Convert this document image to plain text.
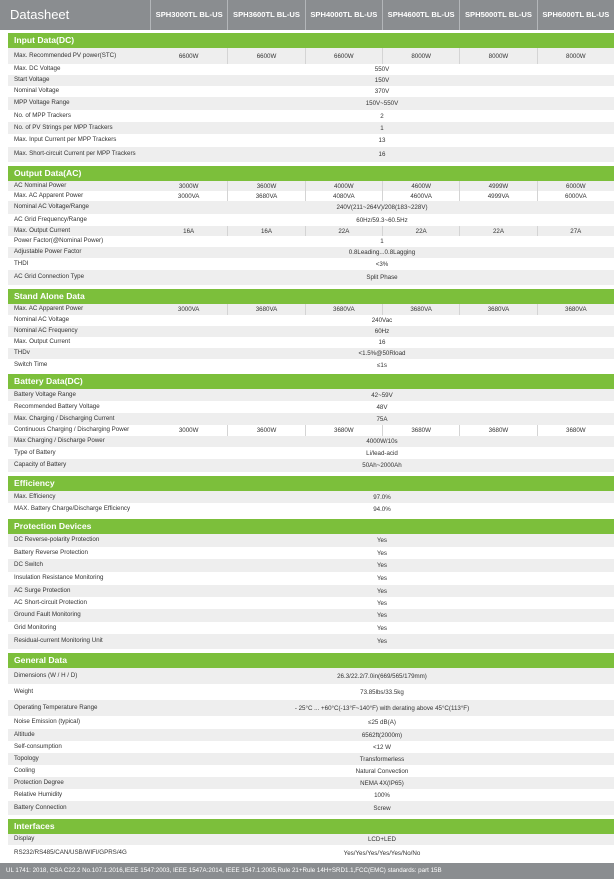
Datasheet	SPH3000TL BL-US	SPH3600TL BL-US	SPH4000TL BL-US	SPH4600TL BL-US	SPH5000TL BL-US	SPH6000TL BL-US
Input Data(DC)
Max. Recommended PV power(STC)	6600W	6600W	6600W	8000W	8000W	8000W
Max. DC Voltage	550V
Start Voltage	150V
Nominal Voltage	370V
MPP Voltage Range	150V~550V
No. of MPP Trackers	2
No. of PV Strings per MPP Trackers	1
Max. Input Current per MPP Trackers	13
Max. Short-circuit Current per MPP Trackers	16
Output Data(AC)
AC Nominal Power	3000W	3600W	4000W	4600W	4999W	6000W
Max. AC Apparent Power	3000VA	3680VA	4080VA	4600VA	4999VA	6000VA
Nominal AC Voltage/Range	240V(211~264V)/208(183~228V)
AC Grid Frequency/Range	60Hz/59.3~60.5Hz
Max. Output Current	16A	16A	22A	22A	22A	27A
Power Factor(@Nominal Power)	1
Adjustable Power Factor	0.8Leading...0.8Lagging
THDI	<3%
AC Grid Connection Type	Split Phase
Stand Alone Data
Max. AC Apparent Power	3000VA	3680VA	3680VA	3680VA	3680VA	3680VA
Nominal AC Voltage	240Vac
Nominal AC Frequency	60Hz
Max. Output Current	16
THDv	<1.5%@50Rload
Switch Time	≤1s
Battery Data(DC)
Battery Voltage Range	42~59V
Recommended Battery Voltage	48V
Max. Charging / Discharging Current	75A
Continuous Charging / Discharging Power	3000W	3600W	3680W	3680W	3680W	3680W
Max Charging / Discharge Power	4000W/10s
Type of Battery	Li/lead-acid
Capacity of Battery	50Ah~2000Ah
Efficiency
Max. Efficiency	97.0%
MAX. Battery Charge/Discharge Efficiency	94.0%
Protection Devices
DC Reverse-polarity Protection	Yes
Battery Reverse Protection	Yes
DC Switch	Yes
Insulation Resistance Monitoring	Yes
AC Surge Protection	Yes
AC Short-circuit Protection	Yes
Ground Fault Monitoring	Yes
Grid Monitoring	Yes
Residual-current Monitoring Unit	Yes
General Data
Dimensions (W / H / D)	26.3/22.2/7.0in(669/565/179mm)
Weight	73.85lbs/33.5kg
Operating Temperature Range	- 25°C ... +60°C(-13°F~140°F) with derating above 45°C(113°F)
Noise Emission (typical)	≤25 dB(A)
Altitude	6562ft(2000m)
Self-consumption	<12 W
Topology	Transformerless
Cooling	Natural Convection
Protection Degree	NEMA 4X(IP65)
Relative Humidity	100%
Battery Connection	Screw
Interfaces
Display	LCD+LED
RS232/RS485/CAN/USB/WIFI/GPRS/4G	Yes/Yes/Yes/Yes/Yes/No/No
UL 1741: 2018, CSA C22.2 No.107.1:2016,IEEE 1547:2003, IEEE 1547A:2014, IEEE 1547.1:2005,Rule 21+Rule 14H+SRD1.1,FCC(EMC) standards: part 15B
